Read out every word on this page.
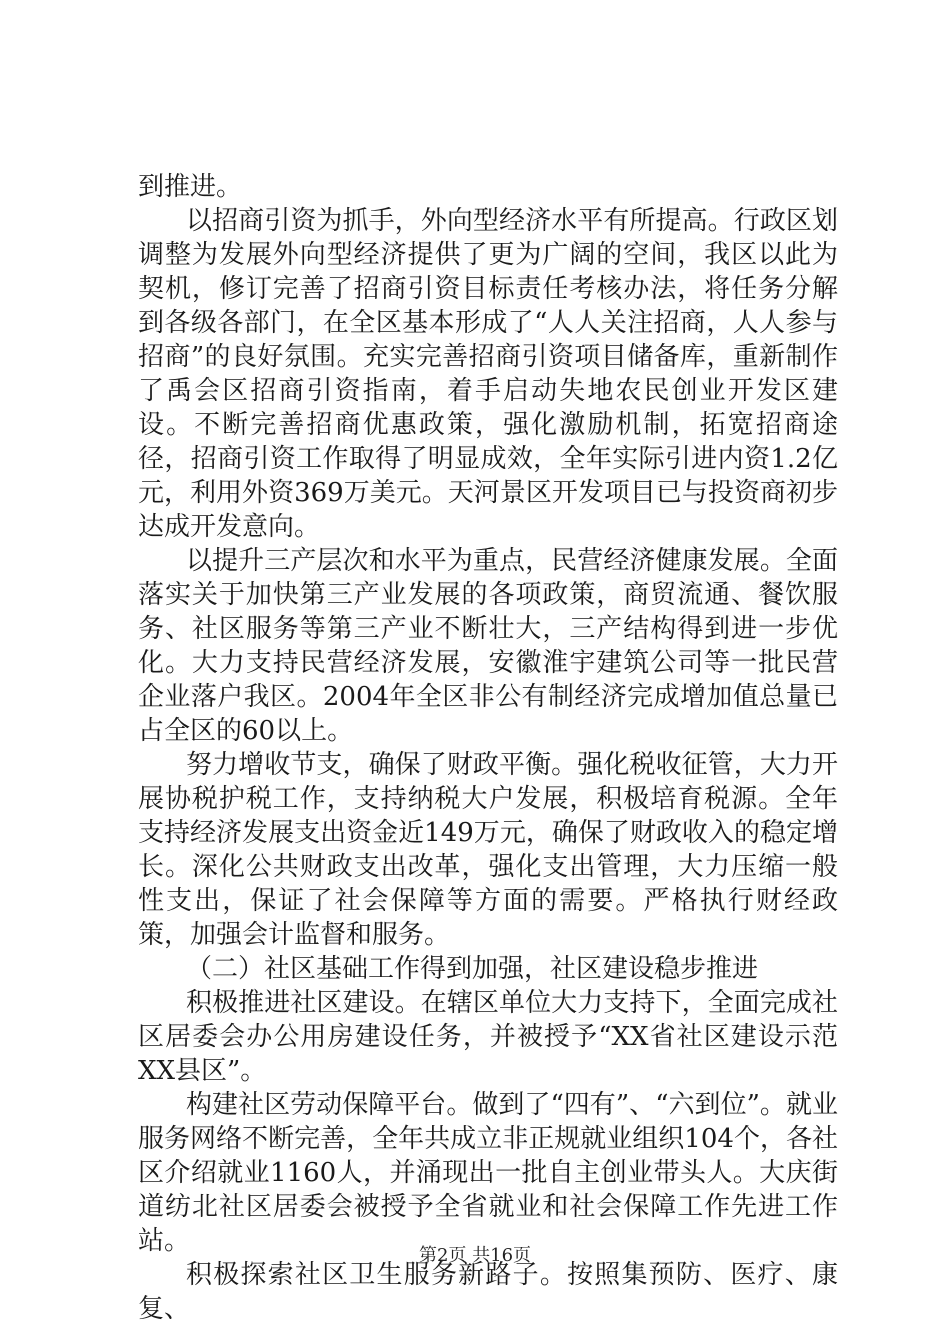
到推进。

以招商引资为抓手，外向型经济水平有所提高。行政区划调整为发展外向型经济提供了更为广阔的空间，我区以此为契机，修订完善了招商引资目标责任考核办法，将任务分解到各级各部门，在全区基本形成了“人人关注招商，人人参与招商”的良好氛围。充实完善招商引资项目储备库，重新制作了禹会区招商引资指南，着手启动失地农民创业开发区建设。不断完善招商优惠政策，强化激励机制，拓宽招商途径，招商引资工作取得了明显成效，全年实际引进内资1.2亿元，利用外资369万美元。天河景区开发项目已与投资商初步达成开发意向。

以提升三产层次和水平为重点，民营经济健康发展。全面落实关于加快第三产业发展的各项政策，商贸流通、餐饮服务、社区服务等第三产业不断壮大，三产结构得到进一步优化。大力支持民营经济发展，安徽淮宇建筑公司等一批民营企业落户我区。2004年全区非公有制经济完成增加值总量已占全区的60以上。

努力增收节支，确保了财政平衡。强化税收征管，大力开展协税护税工作，支持纳税大户发展，积极培育税源。全年支持经济发展支出资金近149万元，确保了财政收入的稳定增长。深化公共财政支出改革，强化支出管理，大力压缩一般性支出，保证了社会保障等方面的需要。严格执行财经政策，加强会计监督和服务。

（二）社区基础工作得到加强，社区建设稳步推进

积极推进社区建设。在辖区单位大力支持下，全面完成社区居委会办公用房建设任务，并被授予“XX省社区建设示范XX县区”。

构建社区劳动保障平台。做到了“四有”、“六到位”。就业服务网络不断完善，全年共成立非正规就业组织104个，各社区介绍就业1160人，并涌现出一批自主创业带头人。大庆街道纺北社区居委会被授予全省就业和社会保障工作先进工作站。

积极探索社区卫生服务新路子。按照集预防、医疗、康复、

第2页 共16页
